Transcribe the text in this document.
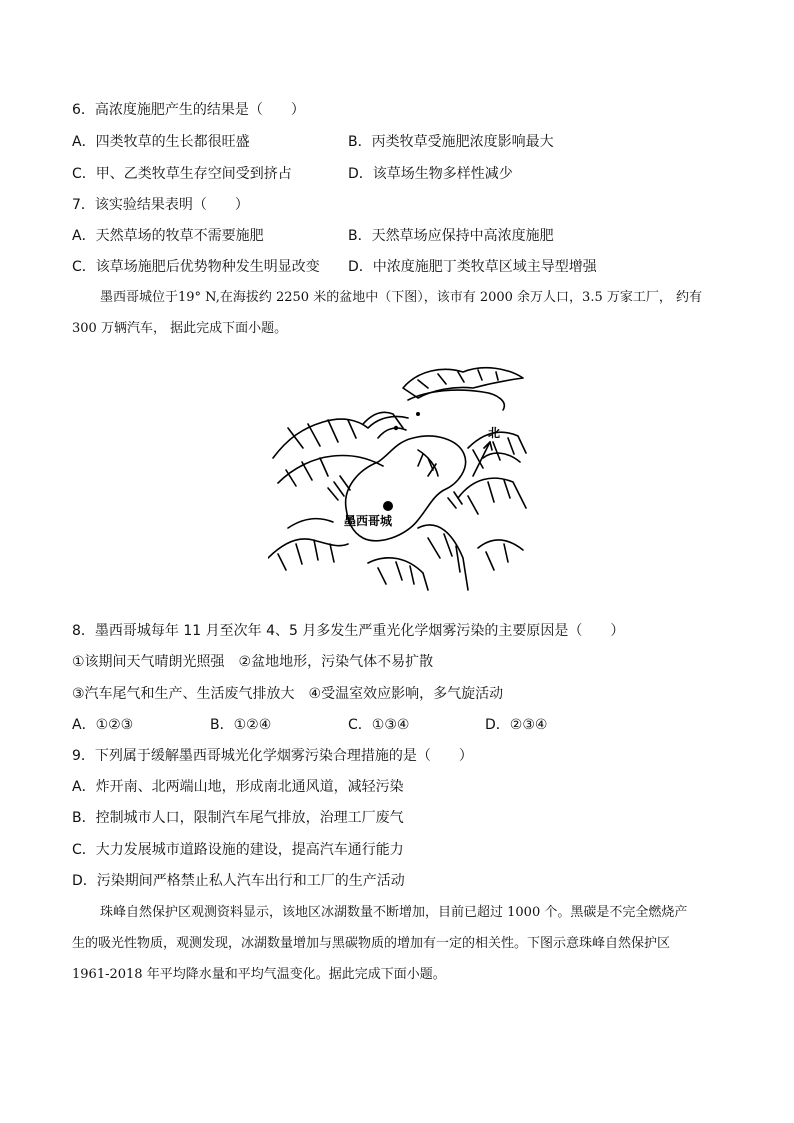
6．高浓度施肥产生的结果是（　　）
A．四类牧草的生长都很旺盛	B．丙类牧草受施肥浓度影响最大
C．甲、乙类牧草生存空间受到挤占	D．该草场生物多样性减少
7．该实验结果表明（　　）
A．天然草场的牧草不需要施肥	B．天然草场应保持中高浓度施肥
C．该草场施肥后优势物种发生明显改变 D．中浓度施肥丁类牧草区域主导型增强
墨西哥城位于19° N,在海拔约 2250 米的盆地中（下图），该市有 2000 余万人口，3.5 万家工厂， 约有
300 万辆汽车， 据此完成下面小题。
北
墨西哥城
8．墨西哥城每年 11 月至次年 4、5 月多发生严重光化学烟雾污染的主要原因是（　　）
①该期间天气晴朗光照强　②盆地地形，污染气体不易扩散
③汽车尾气和生产、生活废气排放大　④受温室效应影响，多气旋活动
A．①②③	B．①②④	C．①③④	D．②③④
9．下列属于缓解墨西哥城光化学烟雾污染合理措施的是（　　）
A．炸开南、北两端山地，形成南北通风道，减轻污染
B．控制城市人口，限制汽车尾气排放，治理工厂废气
C．大力发展城市道路设施的建设，提高汽车通行能力
D．污染期间严格禁止私人汽车出行和工厂的生产活动
珠峰自然保护区观测资料显示，该地区冰湖数量不断增加，目前已超过 1000 个。黑碳是不完全燃烧产
生的吸光性物质，观测发现，冰湖数量增加与黑碳物质的增加有一定的相关性。下图示意珠峰自然保护区
1961-2018 年平均降水量和平均气温变化。据此完成下面小题。
